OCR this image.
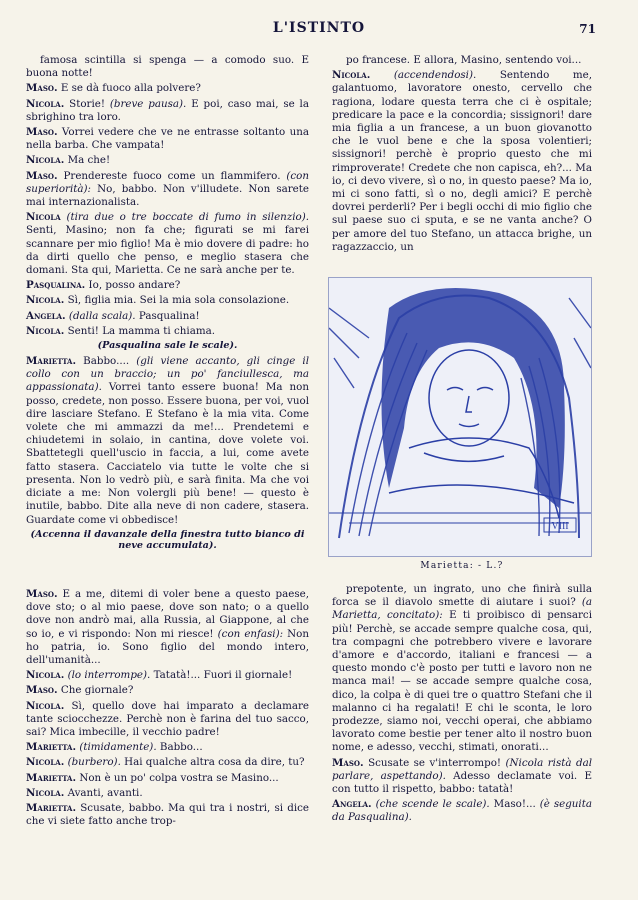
L'ISTINTO	71

famosa scintilla si spenga — a comodo suo. E buona notte!

Maso. E se dà fuoco alla polvere?

Nicola. Storie! (breve pausa). E poi, caso mai, se la sbrighino tra loro.

Maso. Vorrei vedere che ve ne entrasse soltanto una nella barba. Che vampata!

Nicola. Ma che!

Maso. Prendereste fuoco come un flammifero. (con superiorità): No, babbo. Non v'illudete. Non sarete mai internazionalista.

Nicola (tira due o tre boccate di fumo in silenzio). Senti, Masino; non fa che; figurati se mi farei scannare per mio figlio! Ma è mio dovere di padre: ho da dirti quello che penso, e meglio stasera che domani. Sta qui, Marietta. Ce ne sarà anche per te.

Pasqualina. Io, posso andare?

Nicola. Sì, figlia mia. Sei la mia sola consolazione.

Angela. (dalla scala). Pasqualina!

Nicola. Senti! La mamma ti chiama.

(Pasqualina sale le scale).

Marietta. Babbo.... (gli viene accanto, gli cinge il collo con un braccio; un po' fanciullesca, ma appassionata). Vorrei tanto essere buona! Ma non posso, credete, non posso. Essere buona, per voi, vuol dire lasciare Stefano. E Stefano è la mia vita. Come volete che mi ammazzi da me!... Prendetemi e chiudetemi in solaio, in cantina, dove volete voi. Sbattetegli quell'uscio in faccia, a lui, come avete fatto stasera. Cacciatelo via tutte le volte che si presenta. Non lo vedrò più, e sarà finita. Ma che voi diciate a me: Non volergli più bene! — questo è inutile, babbo. Dite alla neve di non cadere, stasera. Guardate come vi obbedisce!

(Accenna il davanzale della finestra tutto bianco di neve accumulata).

Maso. E a me, ditemi di voler bene a questo paese, dove sto; o al mio paese, dove son nato; o a quello dove non andrò mai, alla Russia, al Giappone, al che so io, e vi rispondo: Non mi riesce! (con enfasi): Non ho patria, io. Sono figlio del mondo intero, dell'umanità...

Nicola. (lo interrompe). Tatatà!... Fuori il giornale!

Maso. Che giornale?

Nicola. Sì, quello dove hai imparato a declamare tante sciocchezze. Perchè non è farina del tuo sacco, sai? Mica imbecille, il vecchio padre!

Marietta. (timidamente). Babbo...

Nicola. (burbero). Hai qualche altra cosa da dire, tu?

Marietta. Non è un po' colpa vostra se Masino...

Nicola. Avanti, avanti.

Marietta. Scusate, babbo. Ma qui tra i nostri, si dice che vi siete fatto anche trop-

po francese. E allora, Masino, sentendo voi...

Nicola. (accendendosi). Sentendo me, galantuomo, lavoratore onesto, cervello che ragiona, lodare questa terra che ci è ospitale; predicare la pace e la concordia; sissignori! dare mia figlia a un francese, a un buon giovanotto che le vuol bene e che la sposa volentieri; sissignori! perchè è proprio questo che mi rimproverate! Credete che non capisca, eh?... Ma io, ci devo vivere, sì o no, in questo paese? Ma io, mi ci sono fatti, sì o no, degli amici? E perchè dovrei perderli? Per i begli occhi di mio figlio che sul paese suo ci sputa, e se ne vanta anche? O per amore del tuo Stefano, un attacca brighe, un ragazzaccio, un

VIII
Marietta: - L.?

prepotente, un ingrato, uno che finirà sulla forca se il diavolo smette di aiutare i suoi? (a Marietta, concitato): E ti proibisco di pensarci più! Perchè, se accade sempre qualche cosa, qui, tra compagni che potrebbero vivere e lavorare d'amore e d'accordo, italiani e francesi — a questo mondo c'è posto per tutti e lavoro non ne manca mai! — se accade sempre qualche cosa, dico, la colpa è di quei tre o quattro Stefani che il malanno ci ha regalati! E chi le sconta, le loro prodezze, siamo noi, vecchi operai, che abbiamo lavorato come bestie per tener alto il nostro buon nome, e adesso, vecchi, stimati, onorati...

Maso. Scusate se v'interrompo! (Nicola ristà dal parlare, aspettando). Adesso declamate voi. E con tutto il rispetto, babbo: tatatà!

Angela. (che scende le scale). Maso!... (è seguita da Pasqualina).
